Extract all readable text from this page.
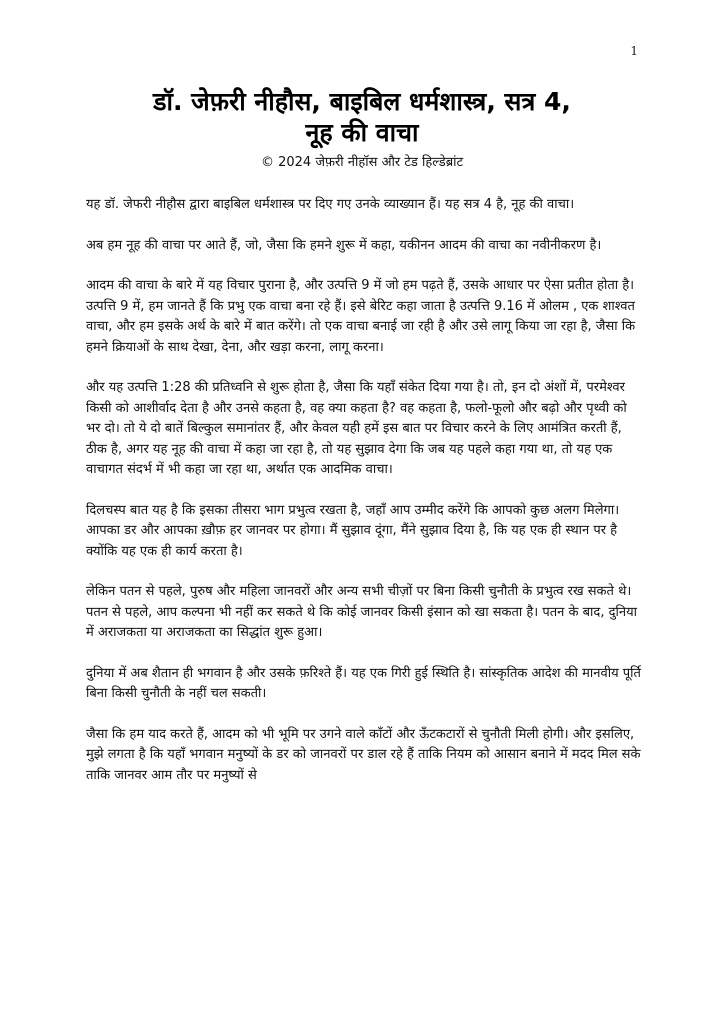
1
डॉ. जेफ़री नीहौस, बाइबिल धर्मशास्त्र, सत्र 4,
नूह की वाचा
© 2024 जेफ़री नीहॉस और टेड हिल्डेब्रांट

यह डॉ. जेफरी नीहौस द्वारा बाइबिल धर्मशास्त्र पर दिए गए उनके व्याख्यान हैं। यह सत्र 4 है, नूह की वाचा।

अब हम नूह की वाचा पर आते हैं, जो, जैसा कि हमने शुरू में कहा, यकीनन आदम की वाचा का नवीनीकरण है।

आदम की वाचा के बारे में यह विचार पुराना है, और उत्पत्ति 9 में जो हम पढ़ते हैं, उसके आधार पर ऐसा प्रतीत होता है। उत्पत्ति 9 में, हम जानते हैं कि प्रभु एक वाचा बना रहे हैं। इसे बेरिट कहा जाता है उत्पत्ति 9.16 में ओलम , एक शाश्वत वाचा, और हम इसके अर्थ के बारे में बात करेंगे। तो एक वाचा बनाई जा रही है और उसे लागू किया जा रहा है, जैसा कि हमने क्रियाओं के साथ देखा, देना, और खड़ा करना, लागू करना।

और यह उत्पत्ति 1:28 की प्रतिध्वनि से शुरू होता है, जैसा कि यहाँ संकेत दिया गया है। तो, इन दो अंशों में, परमेश्वर किसी को आशीर्वाद देता है और उनसे कहता है, वह क्या कहता है? वह कहता है, फलो-फूलो और बढ़ो और पृथ्वी को भर दो। तो ये दो बातें बिल्कुल समानांतर हैं, और केवल यही हमें इस बात पर विचार करने के लिए आमंत्रित करती हैं, ठीक है, अगर यह नूह की वाचा में कहा जा रहा है, तो यह सुझाव देगा कि जब यह पहले कहा गया था, तो यह एक वाचागत संदर्भ में भी कहा जा रहा था, अर्थात एक आदमिक वाचा।

दिलचस्प बात यह है कि इसका तीसरा भाग प्रभुत्व रखता है, जहाँ आप उम्मीद करेंगे कि आपको कुछ अलग मिलेगा। आपका डर और आपका ख़ौफ़ हर जानवर पर होगा। मैं सुझाव दूंगा, मैंने सुझाव दिया है, कि यह एक ही स्थान पर है क्योंकि यह एक ही कार्य करता है।

लेकिन पतन से पहले, पुरुष और महिला जानवरों और अन्य सभी चीज़ों पर बिना किसी चुनौती के प्रभुत्व रख सकते थे। पतन से पहले, आप कल्पना भी नहीं कर सकते थे कि कोई जानवर किसी इंसान को खा सकता है। पतन के बाद, दुनिया में अराजकता या अराजकता का सिद्धांत शुरू हुआ।

दुनिया में अब शैतान ही भगवान है और उसके फ़रिश्ते हैं। यह एक गिरी हुई स्थिति है। सांस्कृतिक आदेश की मानवीय पूर्ति बिना किसी चुनौती के नहीं चल सकती।

जैसा कि हम याद करते हैं, आदम को भी भूमि पर उगने वाले काँटों और ऊँटकटारों से चुनौती मिली होगी। और इसलिए, मुझे लगता है कि यहाँ भगवान मनुष्यों के डर को जानवरों पर डाल रहे हैं ताकि नियम को आसान बनाने में मदद मिल सके ताकि जानवर आम तौर पर मनुष्यों से
